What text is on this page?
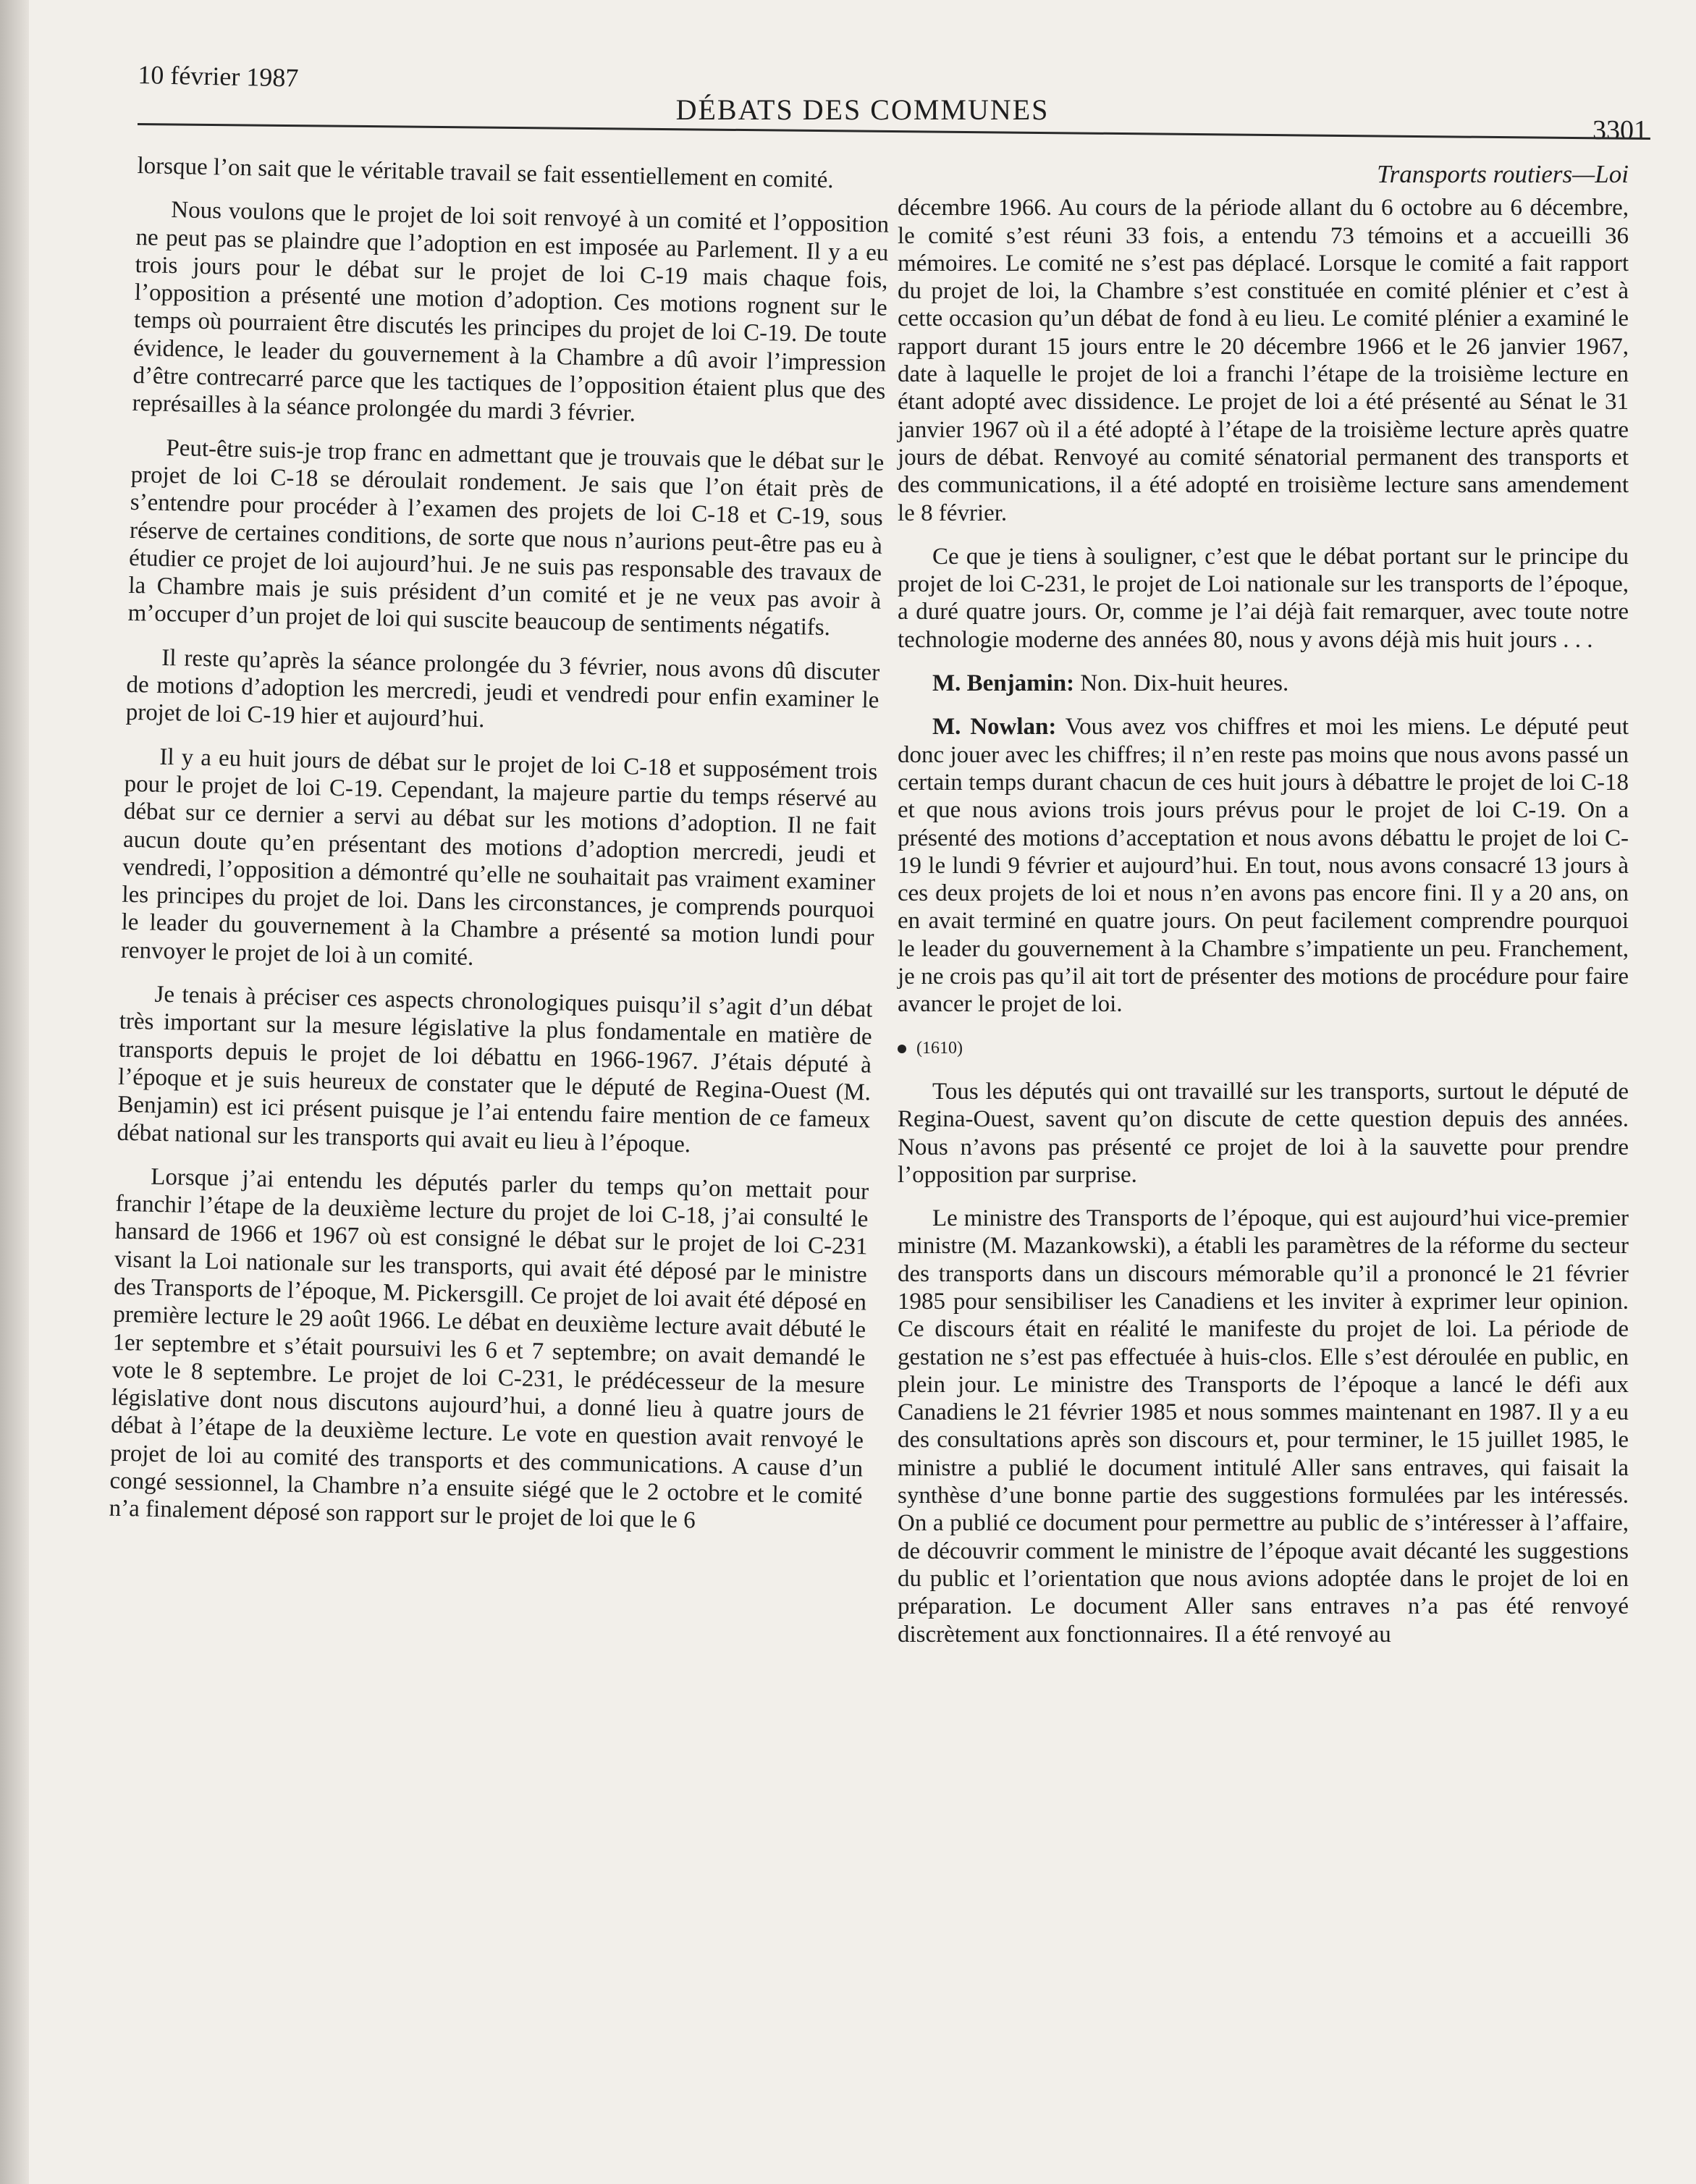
10 février 1987
DÉBATS DES COMMUNES
3301

lorsque l’on sait que le véritable travail se fait essentiellement en comité.

Nous voulons que le projet de loi soit renvoyé à un comité et l’opposition ne peut pas se plaindre que l’adoption en est imposée au Parlement. Il y a eu trois jours pour le débat sur le projet de loi C-19 mais chaque fois, l’opposition a présenté une motion d’adoption. Ces motions rognent sur le temps où pourraient être discutés les principes du projet de loi C-19. De toute évidence, le leader du gouvernement à la Chambre a dû avoir l’impression d’être contrecarré parce que les tactiques de l’opposition étaient plus que des représailles à la séance prolongée du mardi 3 février.

Peut-être suis-je trop franc en admettant que je trouvais que le débat sur le projet de loi C-18 se déroulait rondement. Je sais que l’on était près de s’entendre pour procéder à l’examen des projets de loi C-18 et C-19, sous réserve de certaines conditions, de sorte que nous n’aurions peut-être pas eu à étudier ce projet de loi aujourd’hui. Je ne suis pas responsable des travaux de la Chambre mais je suis président d’un comité et je ne veux pas avoir à m’occuper d’un projet de loi qui suscite beaucoup de sentiments négatifs.

Il reste qu’après la séance prolongée du 3 février, nous avons dû discuter de motions d’adoption les mercredi, jeudi et vendredi pour enfin examiner le projet de loi C-19 hier et aujourd’hui.

Il y a eu huit jours de débat sur le projet de loi C-18 et supposément trois pour le projet de loi C-19. Cependant, la majeure partie du temps réservé au débat sur ce dernier a servi au débat sur les motions d’adoption. Il ne fait aucun doute qu’en présentant des motions d’adoption mercredi, jeudi et vendredi, l’opposition a démontré qu’elle ne souhaitait pas vraiment examiner les principes du projet de loi. Dans les circonstances, je comprends pourquoi le leader du gouvernement à la Chambre a présenté sa motion lundi pour renvoyer le projet de loi à un comité.

Je tenais à préciser ces aspects chronologiques puisqu’il s’agit d’un débat très important sur la mesure législative la plus fondamentale en matière de transports depuis le projet de loi débattu en 1966-1967. J’étais député à l’époque et je suis heureux de constater que le député de Regina-Ouest (M. Benjamin) est ici présent puisque je l’ai entendu faire mention de ce fameux débat national sur les transports qui avait eu lieu à l’époque.

Lorsque j’ai entendu les députés parler du temps qu’on mettait pour franchir l’étape de la deuxième lecture du projet de loi C-18, j’ai consulté le hansard de 1966 et 1967 où est consigné le débat sur le projet de loi C-231 visant la Loi nationale sur les transports, qui avait été déposé par le ministre des Transports de l’époque, M. Pickersgill. Ce projet de loi avait été déposé en première lecture le 29 août 1966. Le débat en deuxième lecture avait débuté le 1er septembre et s’était poursuivi les 6 et 7 septembre; on avait demandé le vote le 8 septembre. Le projet de loi C-231, le prédécesseur de la mesure législative dont nous discutons aujourd’hui, a donné lieu à quatre jours de débat à l’étape de la deuxième lecture. Le vote en question avait renvoyé le projet de loi au comité des transports et des communications. A cause d’un congé sessionnel, la Chambre n’a ensuite siégé que le 2 octobre et le comité n’a finalement déposé son rapport sur le projet de loi que le 6

Transports routiers—Loi

décembre 1966. Au cours de la période allant du 6 octobre au 6 décembre, le comité s’est réuni 33 fois, a entendu 73 témoins et a accueilli 36 mémoires. Le comité ne s’est pas déplacé. Lorsque le comité a fait rapport du projet de loi, la Chambre s’est constituée en comité plénier et c’est à cette occasion qu’un débat de fond à eu lieu. Le comité plénier a examiné le rapport durant 15 jours entre le 20 décembre 1966 et le 26 janvier 1967, date à laquelle le projet de loi a franchi l’étape de la troisième lecture en étant adopté avec dissidence. Le projet de loi a été présenté au Sénat le 31 janvier 1967 où il a été adopté à l’étape de la troisième lecture après quatre jours de débat. Renvoyé au comité sénatorial permanent des transports et des communications, il a été adopté en troisième lecture sans amendement le 8 février.

Ce que je tiens à souligner, c’est que le débat portant sur le principe du projet de loi C-231, le projet de Loi nationale sur les transports de l’époque, a duré quatre jours. Or, comme je l’ai déjà fait remarquer, avec toute notre technologie moderne des années 80, nous y avons déjà mis huit jours . . .

M. Benjamin: Non. Dix-huit heures.

M. Nowlan: Vous avez vos chiffres et moi les miens. Le député peut donc jouer avec les chiffres; il n’en reste pas moins que nous avons passé un certain temps durant chacun de ces huit jours à débattre le projet de loi C-18 et que nous avions trois jours prévus pour le projet de loi C-19. On a présenté des motions d’acceptation et nous avons débattu le projet de loi C-19 le lundi 9 février et aujourd’hui. En tout, nous avons consacré 13 jours à ces deux projets de loi et nous n’en avons pas encore fini. Il y a 20 ans, on en avait terminé en quatre jours. On peut facilement comprendre pourquoi le leader du gouvernement à la Chambre s’impatiente un peu. Franchement, je ne crois pas qu’il ait tort de présenter des motions de procédure pour faire avancer le projet de loi.

(1610)

Tous les députés qui ont travaillé sur les transports, surtout le député de Regina-Ouest, savent qu’on discute de cette question depuis des années. Nous n’avons pas présenté ce projet de loi à la sauvette pour prendre l’opposition par surprise.

Le ministre des Transports de l’époque, qui est aujourd’hui vice-premier ministre (M. Mazankowski), a établi les paramètres de la réforme du secteur des transports dans un discours mémorable qu’il a prononcé le 21 février 1985 pour sensibiliser les Canadiens et les inviter à exprimer leur opinion. Ce discours était en réalité le manifeste du projet de loi. La période de gestation ne s’est pas effectuée à huis-clos. Elle s’est déroulée en public, en plein jour. Le ministre des Transports de l’époque a lancé le défi aux Canadiens le 21 février 1985 et nous sommes maintenant en 1987. Il y a eu des consultations après son discours et, pour terminer, le 15 juillet 1985, le ministre a publié le document intitulé Aller sans entraves, qui faisait la synthèse d’une bonne partie des suggestions formulées par les intéressés. On a publié ce document pour permettre au public de s’intéresser à l’affaire, de découvrir comment le ministre de l’époque avait décanté les suggestions du public et l’orientation que nous avions adoptée dans le projet de loi en préparation. Le document Aller sans entraves n’a pas été renvoyé discrètement aux fonctionnaires. Il a été renvoyé au
